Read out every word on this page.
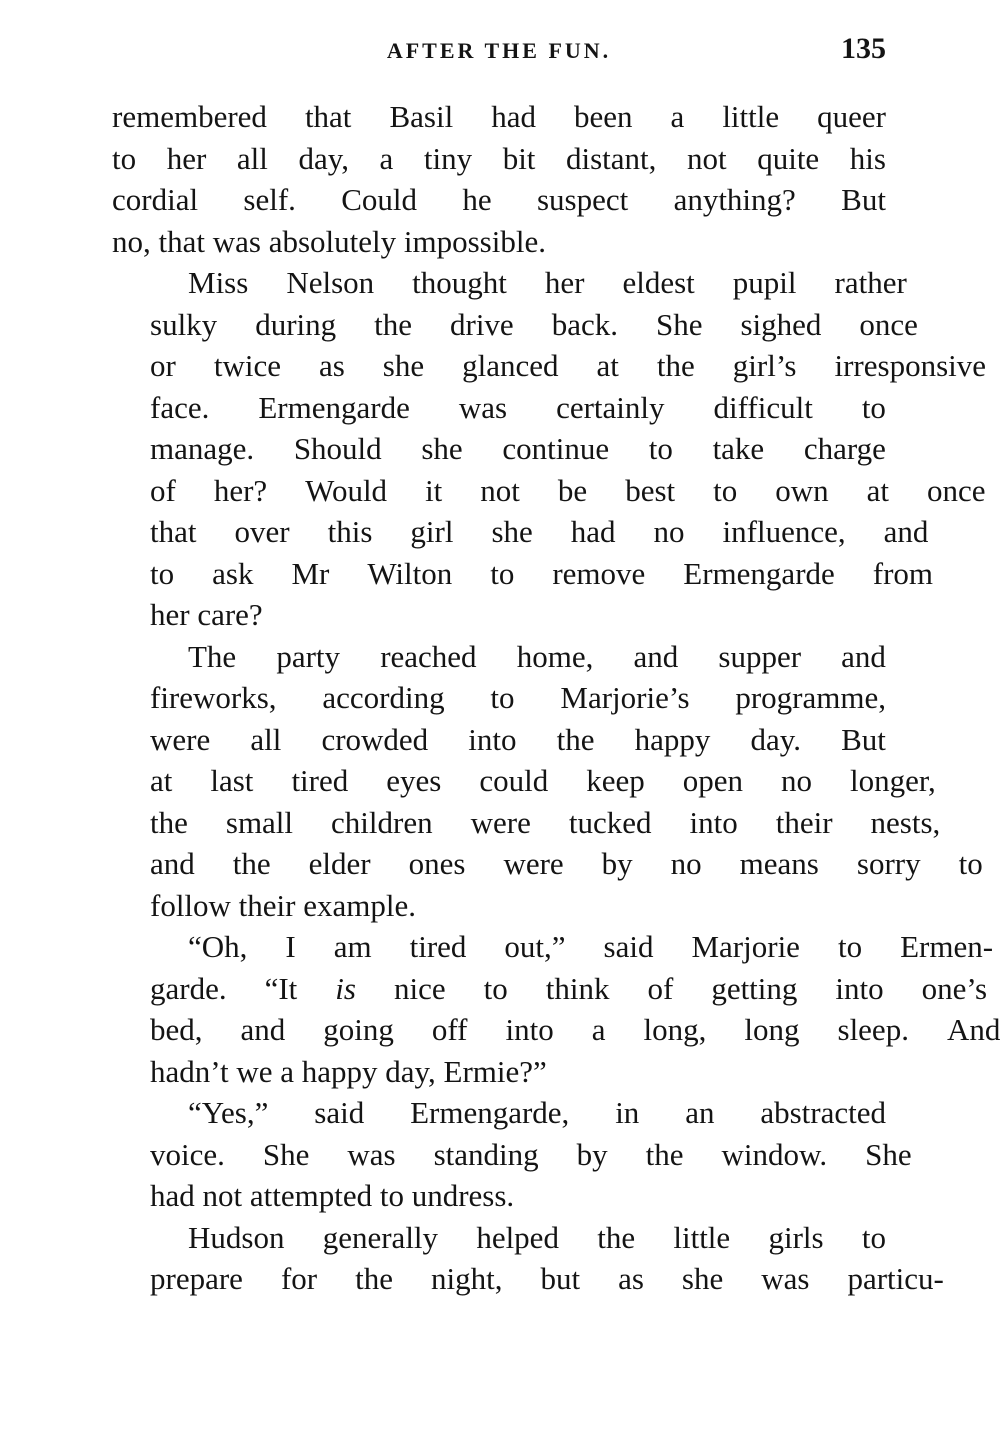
AFTER THE FUN.	135

remembered that Basil had been a little queer
to her all day, a tiny bit distant, not quite his
cordial self. Could he suspect anything? But
no, that was absolutely impossible.

Miss	Nelson	thought	her	eldest	pupil	rather
sulky	during	the	drive	back.	She	sighed	once
or	twice	as	she	glanced	at	the	girl’s	irresponsive
face.	Ermengarde	was	certainly	difficult	to
manage.	Should	she	continue	to	take	charge
of	her?	Would	it	not	be	best	to	own	at	once
that	over	this	girl	she	had	no	influence,	and
to	ask	Mr	Wilton	to	remove	Ermengarde	from
her care?

The	party	reached	home,	and	supper	and
fireworks,	according	to	Marjorie’s	programme,
were	all	crowded	into	the	happy	day.	But
at	last	tired	eyes	could	keep	open	no	longer,
the	small	children	were	tucked	into	their	nests,
and	the	elder	ones	were	by	no	means	sorry	to
follow their example.

“Oh,	I	am	tired	out,”	said	Marjorie	to	Ermen-
garde.	“It	is	nice	to	think	of	getting	into	one’s
bed,	and	going	off	into	a	long,	long	sleep.	And
hadn’t we a happy day, Ermie?”

“Yes,”	said	Ermengarde,	in	an	abstracted
voice.	She	was	standing	by	the	window.	She
had not attempted to undress.

Hudson	generally	helped	the	little	girls	to
prepare	for	the	night,	but	as	she	was	particu-
